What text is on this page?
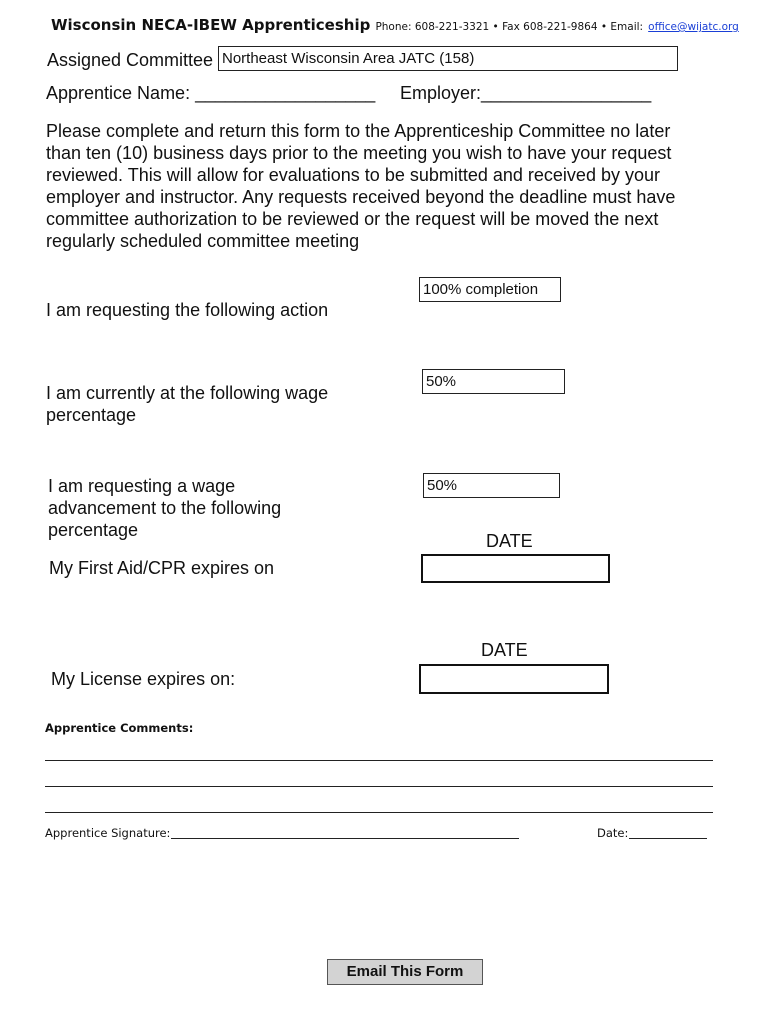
Wisconsin NECA-IBEW Apprenticeship Phone: 608-221-3321 • Fax 608-221-9864 • Email: office@wijatc.org
Assigned Committee Northeast Wisconsin Area JATC (158)
Apprentice Name: __________________ Employer:_________________
Please complete and return this form to the Apprenticeship Committee no later than ten (10) business days prior to the meeting you wish to have your request reviewed. This will allow for evaluations to be submitted and received by your employer and instructor. Any requests received beyond the deadline must have committee authorization to be reviewed or the request will be moved the next regularly scheduled committee meeting
100% completion
I am requesting the following action
50%
I am currently at the following wage percentage
50%
I am requesting a wage advancement to the following percentage
DATE
My First Aid/CPR expires on
DATE
My License expires on:
Apprentice Comments:
Apprentice Signature:	Date:
Email This Form
